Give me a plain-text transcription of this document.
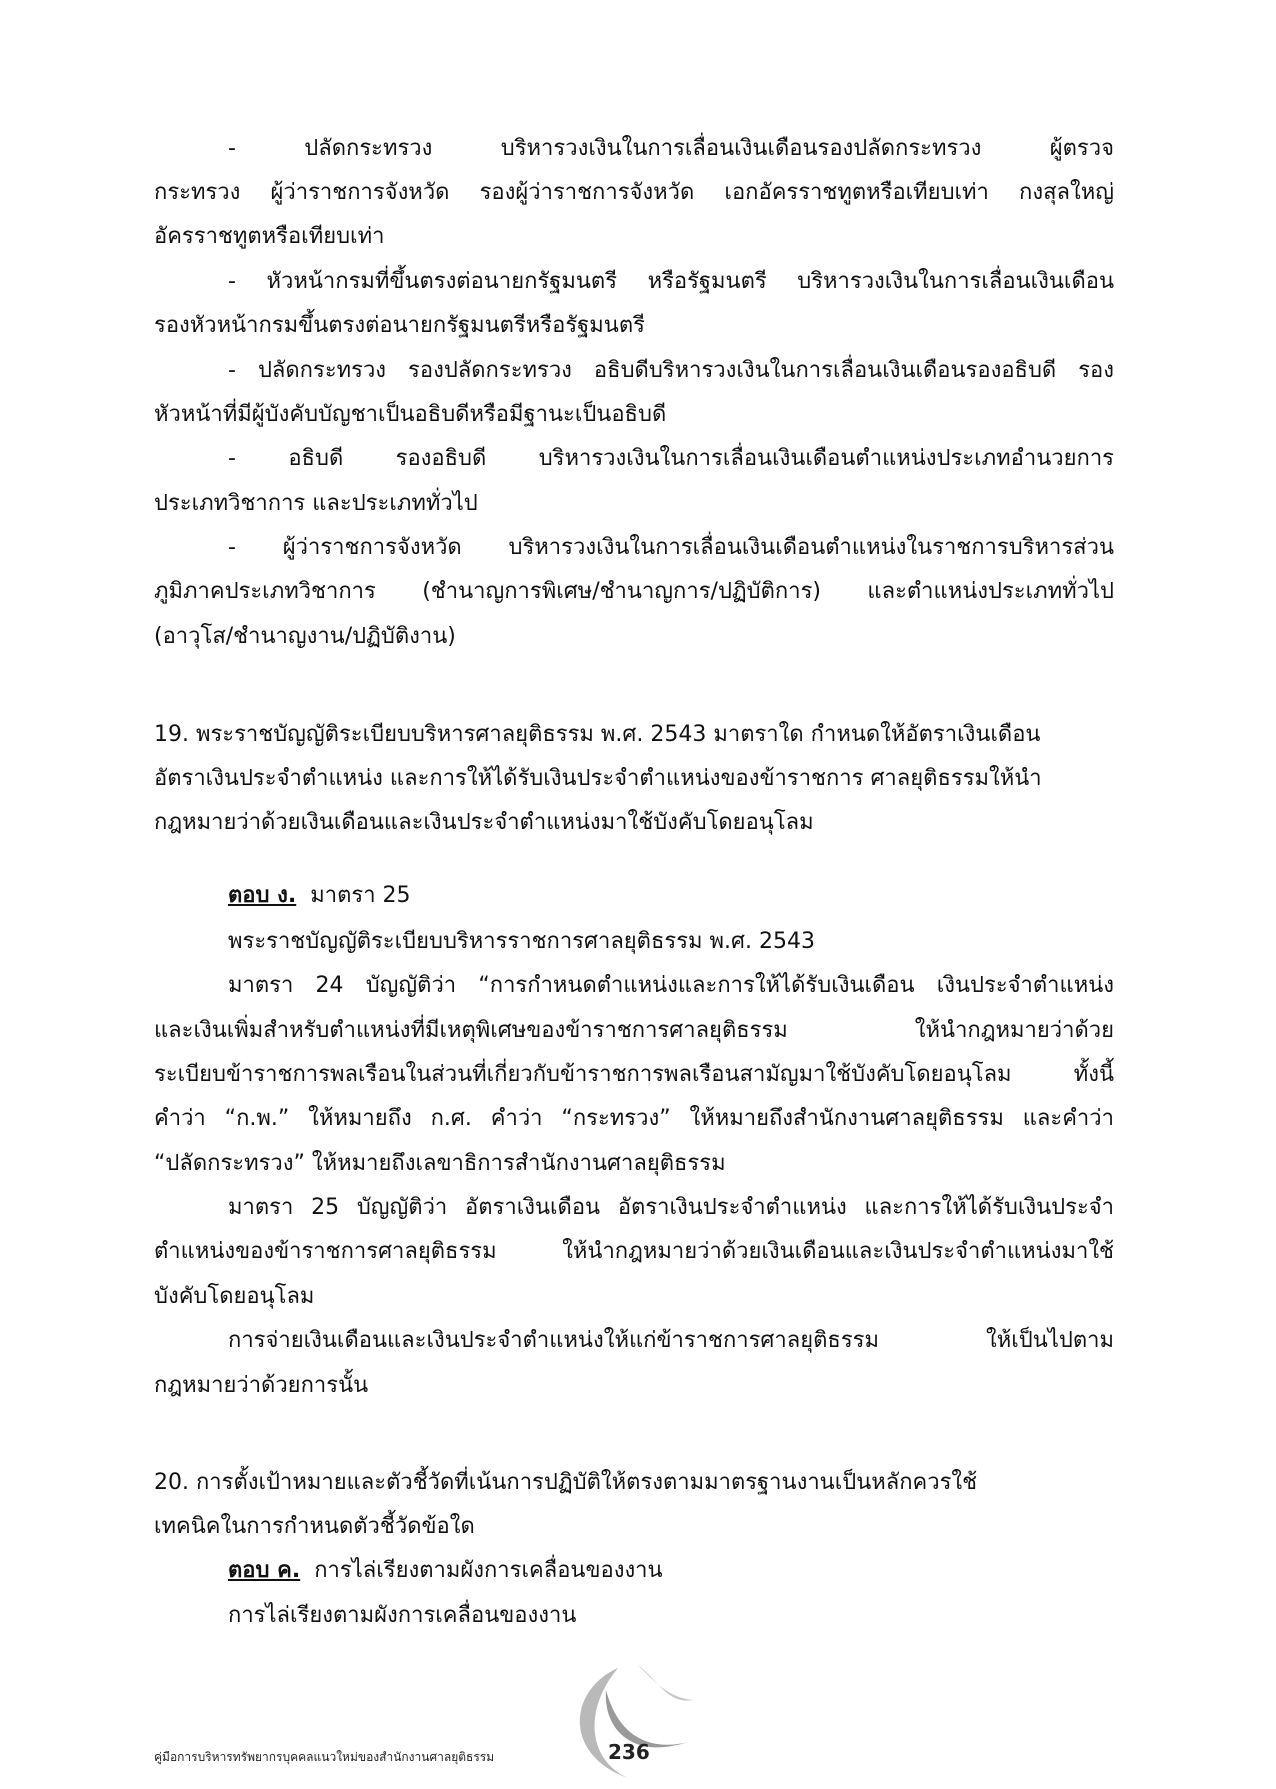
- ปลัดกระทรวง บริหารวงเงินในการเลื่อนเงินเดือนรองปลัดกระทรวง ผู้ตรวจ
กระทรวง ผู้ว่าราชการจังหวัด รองผู้ว่าราชการจังหวัด เอกอัครราชทูตหรือเทียบเท่า กงสุลใหญ่
อัครราชทูตหรือเทียบเท่า
- หัวหน้ากรมที่ขึ้นตรงต่อนายกรัฐมนตรี หรือรัฐมนตรี บริหารวงเงินในการเลื่อนเงินเดือน
รองหัวหน้ากรมขึ้นตรงต่อนายกรัฐมนตรีหรือรัฐมนตรี
- ปลัดกระทรวง รองปลัดกระทรวง อธิบดีบริหารวงเงินในการเลื่อนเงินเดือนรองอธิบดี รอง
หัวหน้าที่มีผู้บังคับบัญชาเป็นอธิบดีหรือมีฐานะเป็นอธิบดี
- อธิบดี รองอธิบดี บริหารวงเงินในการเลื่อนเงินเดือนตำแหน่งประเภทอำนวยการ
ประเภทวิชาการ และประเภททั่วไป
- ผู้ว่าราชการจังหวัด บริหารวงเงินในการเลื่อนเงินเดือนตำแหน่งในราชการบริหารส่วน
ภูมิภาคประเภทวิชาการ (ชำนาญการพิเศษ/ชำนาญการ/ปฏิบัติการ) และตำแหน่งประเภททั่วไป
(อาวุโส/ชำนาญงาน/ปฏิบัติงาน)
19. พระราชบัญญัติระเบียบบริหารศาลยุติธรรม พ.ศ. 2543 มาตราใด กำหนดให้อัตราเงินเดือน
อัตราเงินประจำตำแหน่ง และการให้ได้รับเงินประจำตำแหน่งของข้าราชการ ศาลยุติธรรมให้นำ
กฎหมายว่าด้วยเงินเดือนและเงินประจำตำแหน่งมาใช้บังคับโดยอนุโลม
ตอบ ง. มาตรา 25
พระราชบัญญัติระเบียบบริหารราชการศาลยุติธรรม พ.ศ. 2543
มาตรา 24 บัญญัติว่า “การกำหนดตำแหน่งและการให้ได้รับเงินเดือน เงินประจำตำแหน่ง
และเงินเพิ่มสำหรับตำแหน่งที่มีเหตุพิเศษของข้าราชการศาลยุติธรรม ให้นำกฎหมายว่าด้วย
ระเบียบข้าราชการพลเรือนในส่วนที่เกี่ยวกับข้าราชการพลเรือนสามัญมาใช้บังคับโดยอนุโลม ทั้งนี้
คำว่า “ก.พ.” ให้หมายถึง ก.ศ. คำว่า “กระทรวง” ให้หมายถึงสำนักงานศาลยุติธรรม และคำว่า
“ปลัดกระทรวง” ให้หมายถึงเลขาธิการสำนักงานศาลยุติธรรม
มาตรา 25 บัญญัติว่า อัตราเงินเดือน อัตราเงินประจำตำแหน่ง และการให้ได้รับเงินประจำ
ตำแหน่งของข้าราชการศาลยุติธรรม ให้นำกฎหมายว่าด้วยเงินเดือนและเงินประจำตำแหน่งมาใช้
บังคับโดยอนุโลม
การจ่ายเงินเดือนและเงินประจำตำแหน่งให้แก่ข้าราชการศาลยุติธรรม ให้เป็นไปตาม
กฎหมายว่าด้วยการนั้น
20. การตั้งเป้าหมายและตัวชี้วัดที่เน้นการปฏิบัติให้ตรงตามมาตรฐานงานเป็นหลักควรใช้
เทคนิคในการกำหนดตัวชี้วัดข้อใด
ตอบ ค. การไล่เรียงตามผังการเคลื่อนของงาน
การไล่เรียงตามผังการเคลื่อนของงาน
คู่มือการบริหารทรัพยากรบุคคลแนวใหม่ของสำนักงานศาลยุติธรรม	236
